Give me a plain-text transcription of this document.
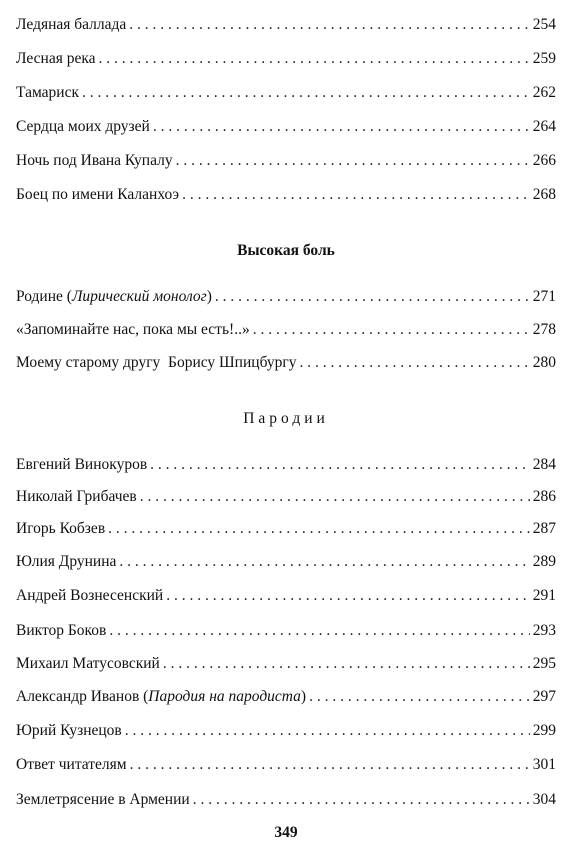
Ледяная баллада . . .	254
Лесная река . . .	259
Тамариск . . .	262
Сердца моих друзей . . .	264
Ночь под Ивана Купалу . . .	266
Боец по имени Каланхоэ . . .	268
Высокая боль
Родине (Лирический монолог) . . .	271
«Запоминайте нас, пока мы есть!..» . . .	278
Моему старому другу  Борису Шпицбургу . . .	280
Пародии
Евгений Винокуров . . .	284
Николай Грибачев . . .	286
Игорь Кобзев . . .	287
Юлия Друнина . . .	289
Андрей Вознесенский . . .	291
Виктор Боков . . .	293
Михаил Матусовский . . .	295
Александр Иванов (Пародия на пародиста) . . .	297
Юрий Кузнецов . . .	299
Ответ читателям . . .	301
Землетрясение в Армении . . .	304
349
